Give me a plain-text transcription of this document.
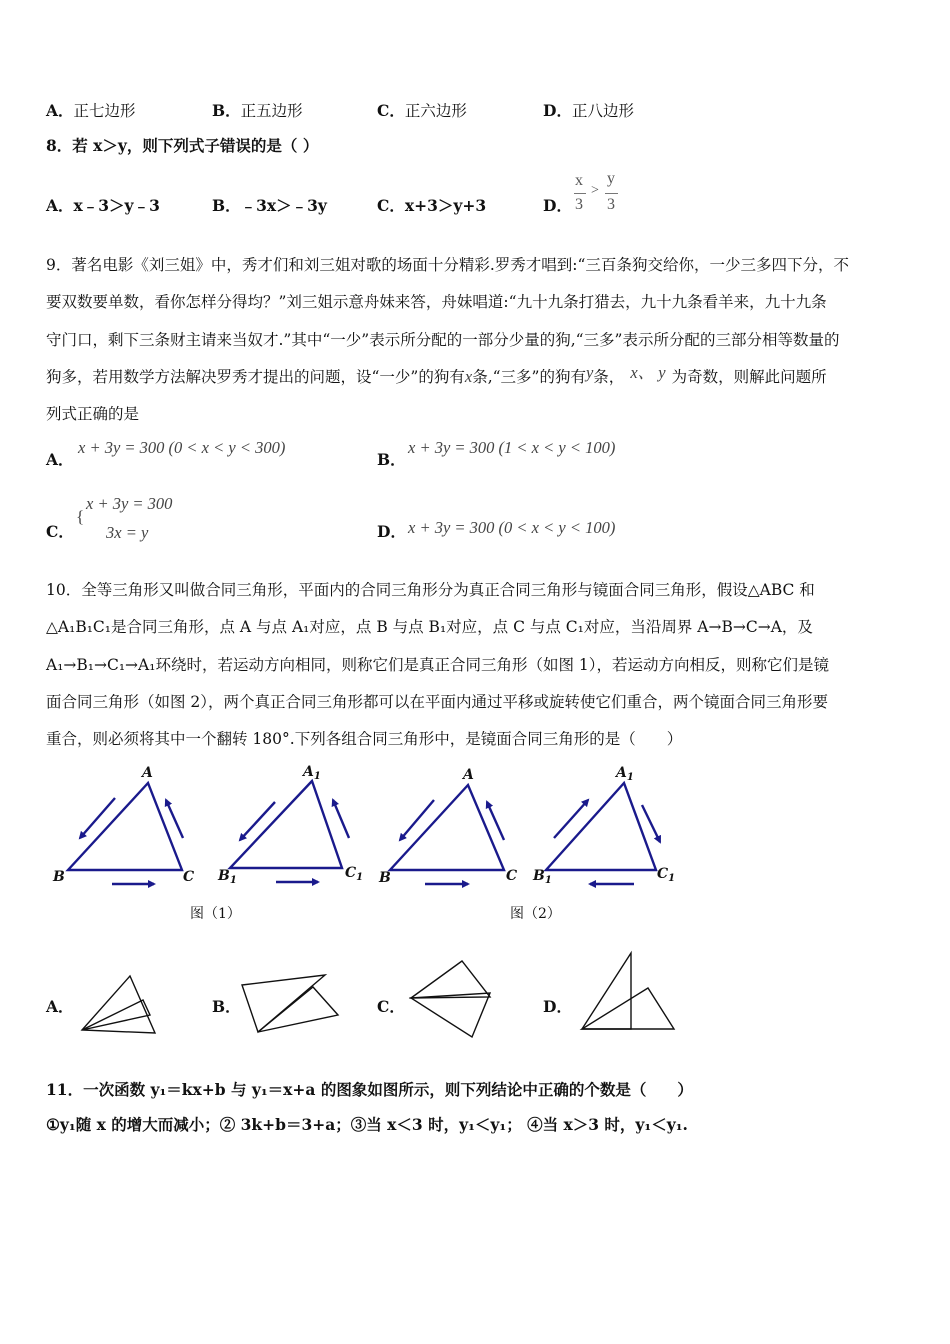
A．正七边形	B．正五边形	C．正六边形	D．正八边形
8．若 x＞y，则下列式子错误的是（ ）
A．x﹣3＞y﹣3	B．﹣3x＞﹣3y	C．x+3＞y+3	D．
x
3
>
y
3
9．著名电影《刘三姐》中，秀才们和刘三姐对歌的场面十分精彩.罗秀才唱到:“三百条狗交给你，一少三多四下分，不
要双数要单数，看你怎样分得均？”刘三姐示意舟妹来答，舟妹唱道:“九十九条打猎去，九十九条看羊来，九十九条
守门口，剩下三条财主请来当奴才.”其中“一少”表示所分配的一部分少量的狗,“三多”表示所分配的三部分相等数量的
狗多，若用数学方法解决罗秀才提出的问题，设“一少”的狗有x条,“三多”的狗有y条， x、 y 为奇数，则解此问题所
列式正确的是
A．
x + 3y = 300 (0 < x < y < 300)
B．
x + 3y = 300 (1 < x < y < 100)
C．
{
x + 3y = 300
3x = y	D． x + 3y = 300 (0 < x < y < 100)
10．全等三角形又叫做合同三角形，平面内的合同三角形分为真正合同三角形与镜面合同三角形，假设△ABC 和
△A₁B₁C₁是合同三角形，点 A 与点 A₁对应，点 B 与点 B₁对应，点 C 与点 C₁对应，当沿周界 A→B→C→A，及
A₁→B₁→C₁→A₁环绕时，若运动方向相同，则称它们是真正合同三角形（如图 1），若运动方向相反，则称它们是镜
面合同三角形（如图 2），两个真正合同三角形都可以在平面内通过平移或旋转使它们重合，两个镜面合同三角形要
重合，则必须将其中一个翻转 180°.下列各组合同三角形中，是镜面合同三角形的是（　　）
A
B	C
$A_1$
$B_1$	$C_1$
A
B	C
$A_1$
$B_1$	$C_1$
图（1）	图（2）
A．	B．	C．	D．
11．一次函数 y₁＝kx+b 与 y₁＝x+a 的图象如图所示，则下列结论中正确的个数是（　　）
①y₁随 x 的增大而减小；② 3k+b＝3+a；③当 x＜3 时，y₁＜y₁； ④当 x＞3 时，y₁＜y₁.
